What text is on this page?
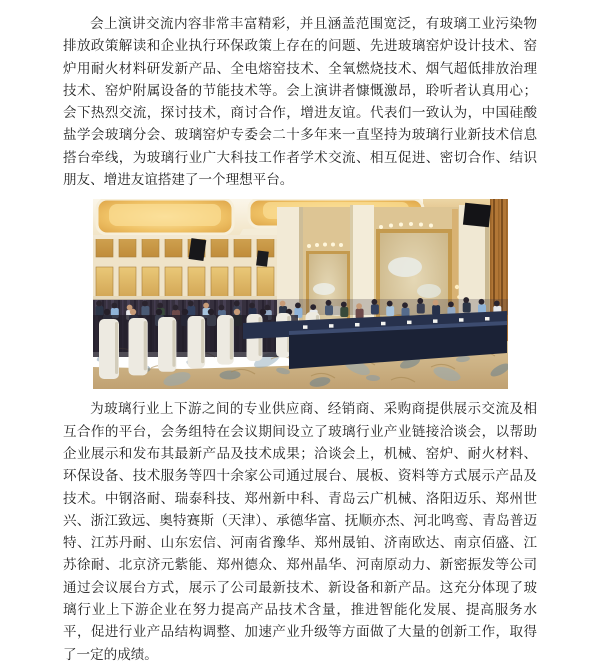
会上演讲交流内容非常丰富精彩，并且涵盖范围宽泛，有玻璃工业污染物排放政策解读和企业执行环保政策上存在的问题、先进玻璃窑炉设计技术、窑炉用耐火材料研发新产品、全电熔窑技术、全氧燃烧技术、烟气超低排放治理技术、窑炉附属设备的节能技术等。会上演讲者慷慨激昂，聆听者认真用心；会下热烈交流，探讨技术，商讨合作，增进友谊。代表们一致认为，中国硅酸盐学会玻璃分会、玻璃窑炉专委会二十多年来一直坚持为玻璃行业新技术信息搭台牵线，为玻璃行业广大科技工作者学术交流、相互促进、密切合作、结识朋友、增进友谊搭建了一个理想平台。

为玻璃行业上下游之间的专业供应商、经销商、采购商提供展示交流及相互合作的平台，会务组特在会议期间设立了玻璃行业产业链接洽谈会，以帮助企业展示和发布其最新产品及技术成果；洽谈会上，机械、窑炉、耐火材料、环保设备、技术服务等四十余家公司通过展台、展板、资料等方式展示产品及技术。中钢洛耐、瑞泰科技、郑州新中科、青岛云广机械、洛阳迈乐、郑州世兴、浙江致远、奥特赛斯（天津）、承德华富、抚顺亦杰、河北鸣鸾、青岛普迈特、江苏丹耐、山东宏信、河南省豫华、郑州晟铂、济南欧达、南京佰盛、江苏徐耐、北京济元紫能、郑州德众、郑州晶华、河南原动力、新密振发等公司通过会议展台方式，展示了公司最新技术、新设备和新产品。这充分体现了玻璃行业上下游企业在努力提高产品技术含量，推进智能化发展、提高服务水平，促进行业产品结构调整、加速产业升级等方面做了大量的创新工作，取得了一定的成绩。
